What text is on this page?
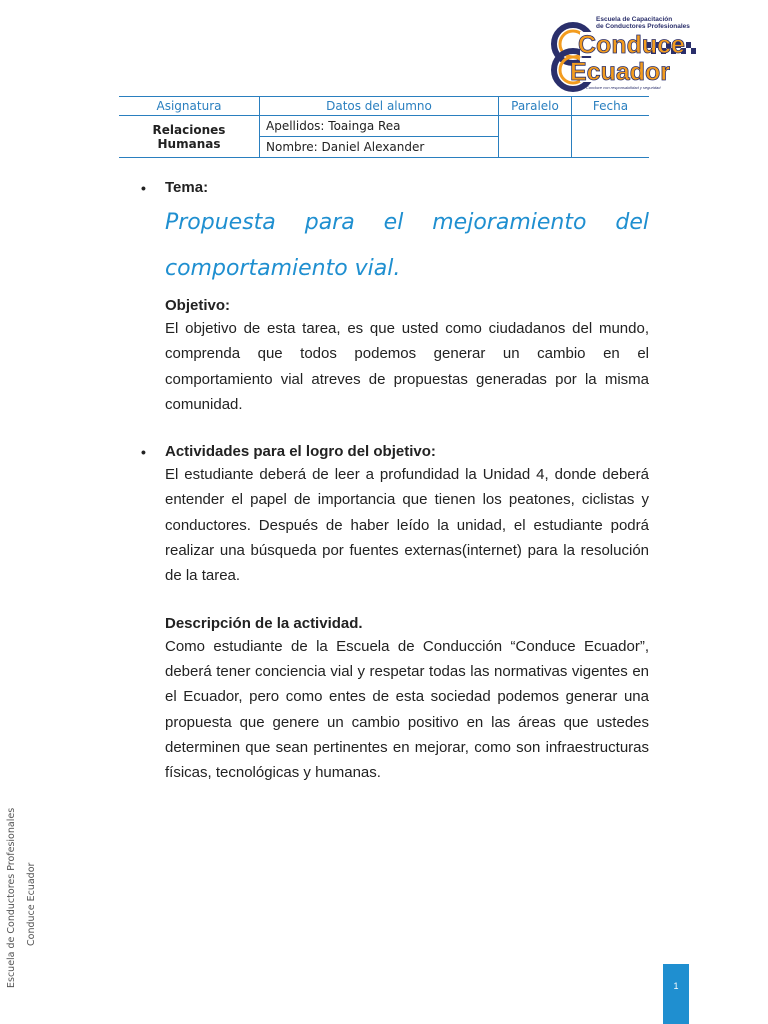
Conduce
Ecuador
Escuela de Capacitación
de Conductores Profesionales
Conduce con responsabilidad y seguridad
Asignatura	Datos del alumno	Paralelo	Fecha
Relaciones Humanas	Apellidos: Toainga Rea		
	Nombre: Daniel Alexander		
• Tema:
Propuesta para el mejoramiento del
comportamiento vial.
Objetivo:

El objetivo de esta tarea, es que usted como ciudadanos del mundo, comprenda que todos podemos generar un cambio en el comportamiento vial atreves de propuestas generadas por la misma comunidad.

• Actividades para el logro del objetivo:

El estudiante deberá de leer a profundidad la Unidad 4, donde deberá entender el papel de importancia que tienen los peatones, ciclistas y conductores. Después de haber leído la unidad, el estudiante podrá realizar una búsqueda por fuentes externas(internet) para la resolución de la tarea.

Descripción de la actividad.

Como estudiante de la Escuela de Conducción “Conduce Ecuador”, deberá tener conciencia vial y respetar todas las normativas vigentes en el Ecuador, pero como entes de esta sociedad podemos generar una propuesta que genere un cambio positivo en las áreas que ustedes determinen que sean pertinentes en mejorar, como son infraestructuras físicas, tecnológicas y humanas.

Escuela de Conductores Profesionales Conduce Ecuador
1
